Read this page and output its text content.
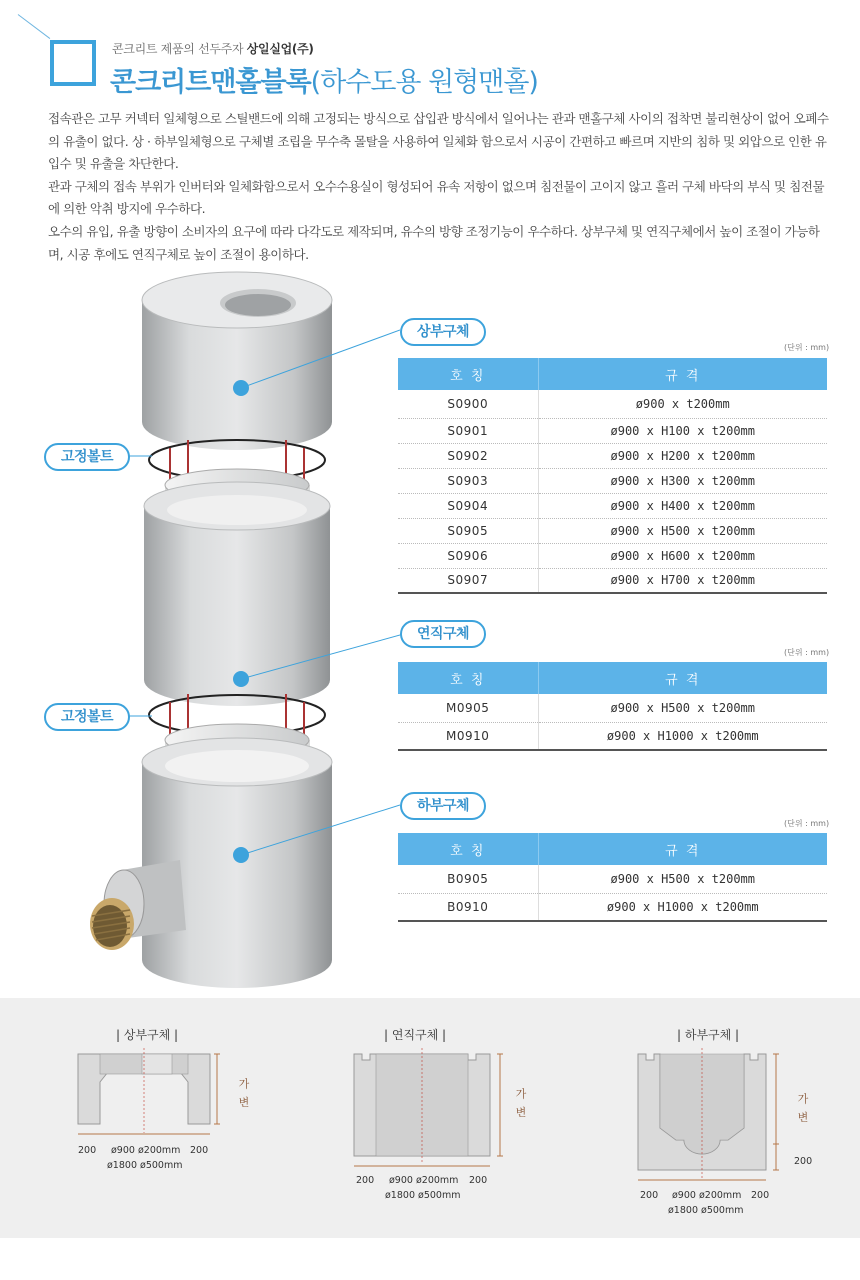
콘크리트 제품의 선두주자 상일실업(주)
콘크리트맨홀블록(하수도용 원형맨홀)

접속관은 고무 커넥터 일체형으로 스틸밴드에 의해 고정되는 방식으로 삽입관 방식에서 일어나는 관과 맨홀구체 사이의 접착면 불리현상이 없어 오폐수의 유출이 없다. 상 · 하부일체형으로 구체별 조립을 무수축 몰탈을 사용하여 일체화 함으로서 시공이 간편하고 빠르며 지반의 침하 및 외압으로 인한 유입수 및 유출을 차단한다.

관과 구체의 접속 부위가 인버터와 일체화함으로서 오수수용실이 형성되어 유속 저항이 없으며 침전물이 고이지 않고 흘러 구체 바닥의 부식 및 침전물에 의한 악취 방지에 우수하다.

오수의 유입, 유출 방향이 소비자의 요구에 따라 다각도로 제작되며, 유수의 방향 조정기능이 우수하다. 상부구체 및 연직구체에서 높이 조절이 가능하며, 시공 후에도 연직구체로 높이 조절이 용이하다.

고정볼트
고정볼트
상부구체
(단위 : mm)
호 칭	규 격
S0900	ø900 x t200mm
S0901	ø900 x H100 x t200mm
S0902	ø900 x H200 x t200mm
S0903	ø900 x H300 x t200mm
S0904	ø900 x H400 x t200mm
S0905	ø900 x H500 x t200mm
S0906	ø900 x H600 x t200mm
S0907	ø900 x H700 x t200mm
연직구체
(단위 : mm)
호 칭	규 격
M0905	ø900 x H500 x t200mm
M0910	ø900 x H1000 x t200mm
하부구체
(단위 : mm)
호 칭	규 격
B0905	ø900 x H500 x t200mm
B0910	ø900 x H1000 x t200mm
| 상부구체 |
가 변
200 ø900 ø200mm 200
ø1800 ø500mm
| 연직구체 |
가 변
200 ø900 ø200mm 200
ø1800 ø500mm
| 하부구체 |
가 변
200
200 ø900 ø200mm 200
ø1800 ø500mm
